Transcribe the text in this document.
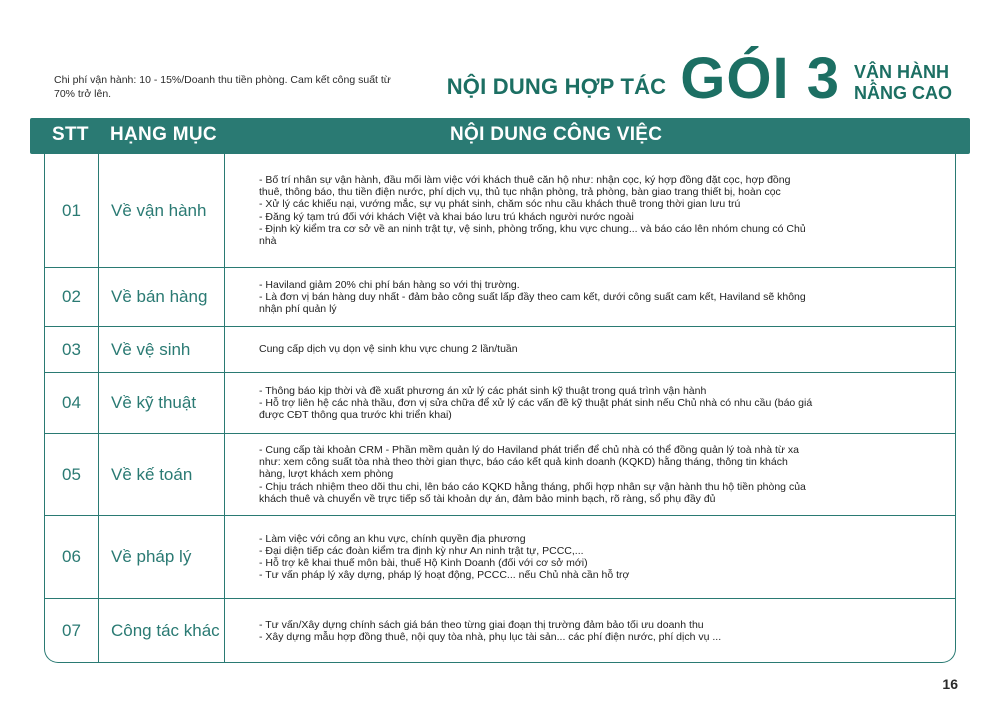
Chi phí vận hành: 10 - 15%/Doanh thu tiền phòng. Cam kết công suất từ 70% trở lên.	NỘI DUNG HỢP TÁC GÓI 3 VẬN HÀNH
NÂNG CAO
STT HẠNG MỤC	NỘI DUNG CÔNG VIỆC
01	Về vận hành
- Bố trí nhân sự vận hành, đầu mối làm việc với khách thuê căn hộ như: nhận cọc, ký hợp đồng đặt cọc, hợp đồng
thuê, thông báo, thu tiền điện nước, phí dịch vụ, thủ tục nhận phòng, trả phòng, bàn giao trang thiết bị, hoàn cọc
- Xử lý các khiếu nại, vướng mắc, sự vụ phát sinh, chăm sóc nhu cầu khách thuê trong thời gian lưu trú
- Đăng ký tạm trú đối với khách Việt và khai báo lưu trú khách người nước ngoài
- Định kỳ kiểm tra cơ sở về an ninh trật tự, vệ sinh, phòng trống, khu vực chung... và báo cáo lên nhóm chung có Chủ
nhà
02	Về bán hàng
- Haviland giảm 20% chi phí bán hàng so với thị trường.
- Là đơn vị bán hàng duy nhất - đảm bảo công suất lấp đầy theo cam kết, dưới công suất cam kết, Haviland sẽ không
nhận phí quản lý
03	Về vệ sinh	Cung cấp dịch vụ dọn vệ sinh khu vực chung 2 lần/tuần
04	Về kỹ thuật
- Thông báo kịp thời và đề xuất phương án xử lý các phát sinh kỹ thuật trong quá trình vận hành
- Hỗ trợ liên hệ các nhà thầu, đơn vị sửa chữa để xử lý các vấn đề kỹ thuật phát sinh nếu Chủ nhà có nhu cầu (báo giá
được CĐT thông qua trước khi triển khai)
05	Về kế toán
- Cung cấp tài khoản CRM - Phần mềm quản lý do Haviland phát triển để chủ nhà có thể đồng quản lý toà nhà từ xa
như: xem công suất tòa nhà theo thời gian thực, báo cáo kết quả kinh doanh (KQKD) hằng tháng, thông tin khách
hàng, lượt khách xem phòng
- Chịu trách nhiệm theo dõi thu chi, lên báo cáo KQKD hằng tháng, phối hợp nhân sự vận hành thu hộ tiền phòng của
khách thuê và chuyển về trực tiếp số tài khoản dự án, đảm bảo minh bạch, rõ ràng, sổ phụ đầy đủ
06	Về pháp lý
- Làm việc với công an khu vực, chính quyền địa phương
- Đại diện tiếp các đoàn kiểm tra định kỳ như An ninh trật tự, PCCC,...
- Hỗ trợ kê khai thuế môn bài, thuế Hộ Kinh Doanh (đối với cơ sở mới)
- Tư vấn pháp lý xây dựng, pháp lý hoạt động, PCCC... nếu Chủ nhà cần hỗ trợ
07	Công tác khác	- Tư vấn/Xây dựng chính sách giá bán theo từng giai đoạn thị trường đảm bảo tối ưu doanh thu
- Xây dựng mẫu hợp đồng thuê, nội quy tòa nhà, phụ lục tài sản... các phí điện nước, phí dịch vụ ...
16
